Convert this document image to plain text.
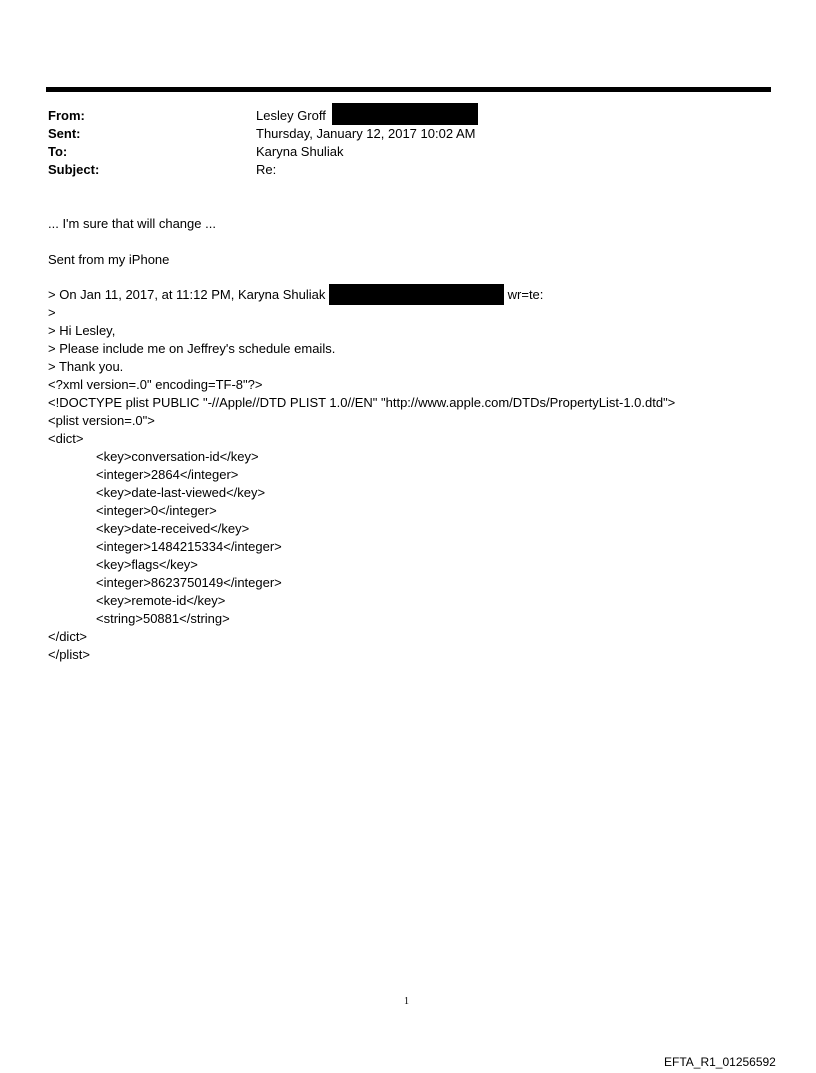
From:	Lesley Groff
Sent:	Thursday, January 12, 2017 10:02 AM
To:	Karyna Shuliak
Subject:	Re:
... I'm sure that will change ...
Sent from my iPhone
> On Jan 11, 2017, at 11:12 PM, Karyna Shuliak	wr=te:
>
> Hi Lesley,
> Please include me on Jeffrey's schedule emails.
> Thank you.
<?xml version=.0" encoding=TF-8"?>
<!DOCTYPE plist PUBLIC "-//Apple//DTD PLIST 1.0//EN" "http://www.apple.com/DTDs/PropertyList-1.0.dtd">
<plist version=.0">
<dict>
<key>conversation-id</key>
<integer>2864</integer>
<key>date-last-viewed</key>
<integer>0</integer>
<key>date-received</key>
<integer>1484215334</integer>
<key>flags</key>
<integer>8623750149</integer>
<key>remote-id</key>
<string>50881</string>
</dict>
</plist>
1
EFTA_R1_01256592
